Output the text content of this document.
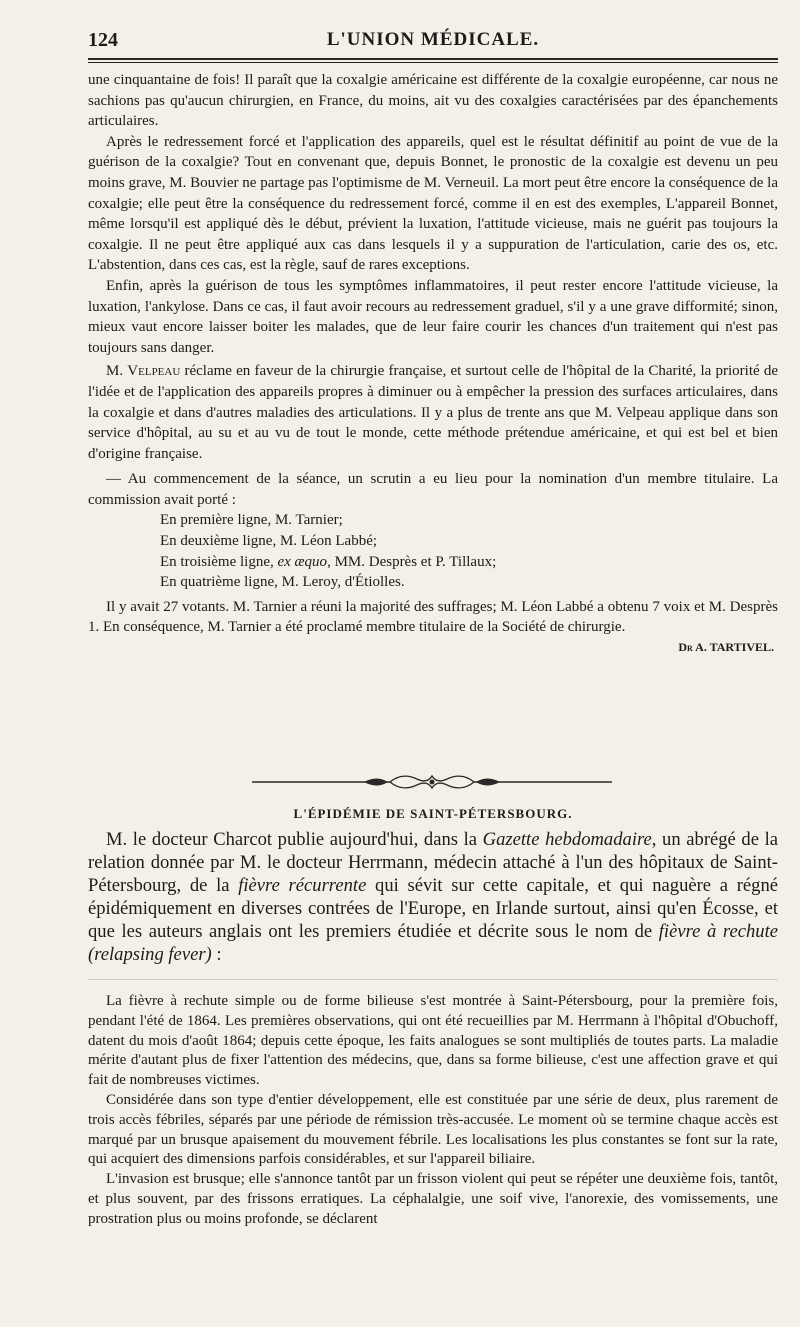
124	L'UNION MÉDICALE.

une cinquantaine de fois! Il paraît que la coxalgie américaine est différente de la coxalgie européenne, car nous ne sachions pas qu'aucun chirurgien, en France, du moins, ait vu des coxalgies caractérisées par des épanchements articulaires.

Après le redressement forcé et l'application des appareils, quel est le résultat définitif au point de vue de la guérison de la coxalgie? Tout en convenant que, depuis Bonnet, le pronostic de la coxalgie est devenu un peu moins grave, M. Bouvier ne partage pas l'optimisme de M. Verneuil. La mort peut être encore la conséquence de la coxalgie; elle peut être la conséquence du redressement forcé, comme il en est des exemples, L'appareil Bonnet, même lorsqu'il est appliqué dès le début, prévient la luxation, l'attitude vicieuse, mais ne guérit pas toujours la coxalgie. Il ne peut être appliqué aux cas dans lesquels il y a suppuration de l'articulation, carie des os, etc. L'abstention, dans ces cas, est la règle, sauf de rares exceptions.

Enfin, après la guérison de tous les symptômes inflammatoires, il peut rester encore l'attitude vicieuse, la luxation, l'ankylose. Dans ce cas, il faut avoir recours au redressement graduel, s'il y a une grave difformité; sinon, mieux vaut encore laisser boiter les malades, que de leur faire courir les chances d'un traitement qui n'est pas toujours sans danger.

M. Velpeau réclame en faveur de la chirurgie française, et surtout celle de l'hôpital de la Charité, la priorité de l'idée et de l'application des appareils propres à diminuer ou à empêcher la pression des surfaces articulaires, dans la coxalgie et dans d'autres maladies des articulations. Il y a plus de trente ans que M. Velpeau applique dans son service d'hôpital, au su et au vu de tout le monde, cette méthode prétendue américaine, et qui est bel et bien d'origine française.

— Au commencement de la séance, un scrutin a eu lieu pour la nomination d'un membre titulaire. La commission avait porté :

En première ligne, M. Tarnier;

En deuxième ligne, M. Léon Labbé;

En troisième ligne, ex æquo, MM. Desprès et P. Tillaux;

En quatrième ligne, M. Leroy, d'Étiolles.

Il y avait 27 votants. M. Tarnier a réuni la majorité des suffrages; M. Léon Labbé a obtenu 7 voix et M. Desprès 1. En conséquence, M. Tarnier a été proclamé membre titulaire de la Société de chirurgie.

Dr A. TARTIVEL.
L'ÉPIDÉMIE DE SAINT-PÉTERSBOURG.

M. le docteur Charcot publie aujourd'hui, dans la Gazette hebdomadaire, un abrégé de la relation donnée par M. le docteur Herrmann, médecin attaché à l'un des hôpitaux de Saint-Pétersbourg, de la fièvre récurrente qui sévit sur cette capitale, et qui naguère a régné épidémiquement en diverses contrées de l'Europe, en Irlande surtout, ainsi qu'en Écosse, et que les auteurs anglais ont les premiers étudiée et décrite sous le nom de fièvre à rechute (relapsing fever) :

La fièvre à rechute simple ou de forme bilieuse s'est montrée à Saint-Pétersbourg, pour la première fois, pendant l'été de 1864. Les premières observations, qui ont été recueillies par M. Herrmann à l'hôpital d'Obuchoff, datent du mois d'août 1864; depuis cette époque, les faits analogues se sont multipliés de toutes parts. La maladie mérite d'autant plus de fixer l'attention des médecins, que, dans sa forme bilieuse, c'est une affection grave et qui fait de nombreuses victimes.

Considérée dans son type d'entier développement, elle est constituée par une série de deux, plus rarement de trois accès fébriles, séparés par une période de rémission très-accusée. Le moment où se termine chaque accès est marqué par un brusque apaisement du mouvement fébrile. Les localisations les plus constantes se font sur la rate, qui acquiert des dimensions parfois considérables, et sur l'appareil biliaire.

L'invasion est brusque; elle s'annonce tantôt par un frisson violent qui peut se répéter une deuxième fois, tantôt, et plus souvent, par des frissons erratiques. La céphalalgie, une soif vive, l'anorexie, des vomissements, une prostration plus ou moins profonde, se déclarent
